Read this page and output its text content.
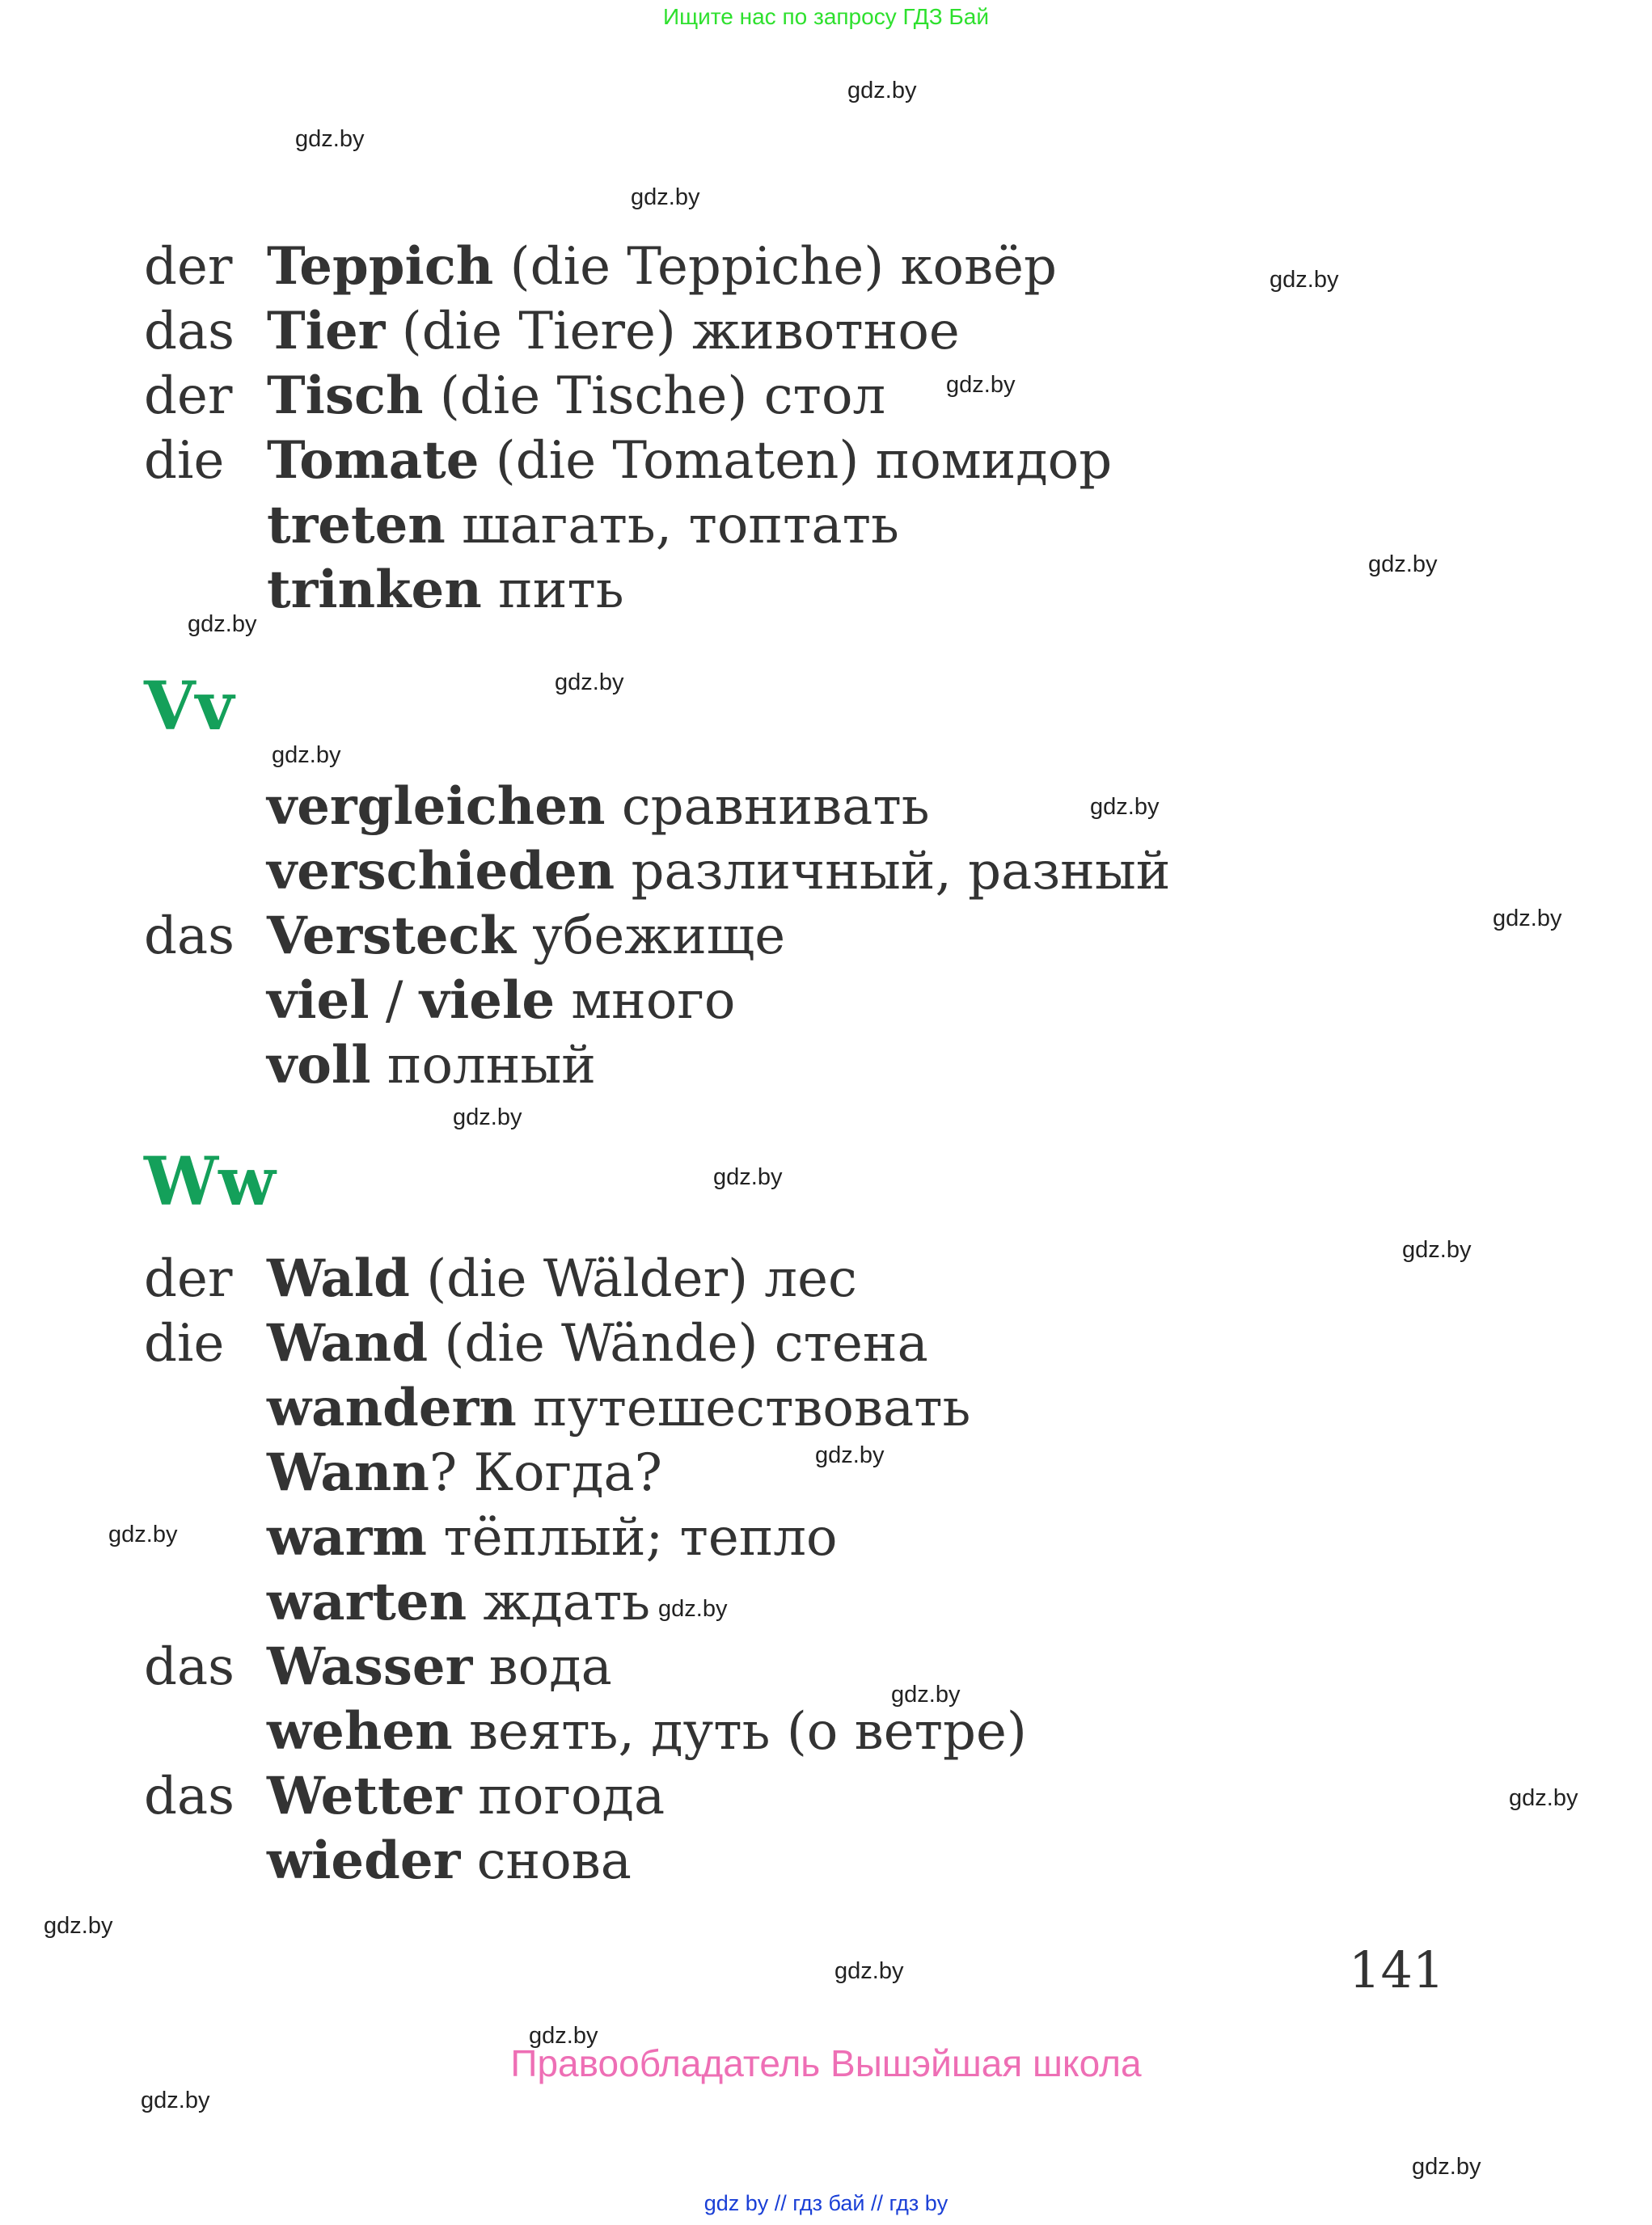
Ищите нас по запросу ГДЗ Бай
gdz.by
gdz.by
gdz.by
gdz.by
gdz.by
gdz.by
gdz.by
gdz.by
gdz.by
gdz.by
gdz.by
gdz.by
gdz.by
gdz.by
gdz.by
gdz.by
gdz.by
gdz.by
gdz.by
gdz.by
gdz.by
gdz.by
gdz.by
gdz.by
der Teppich (die Teppiche) ковёр
das Tier (die Tiere) животное
der Tisch (die Tische) стол
die Tomate (die Tomaten) помидор
treten шагать, топтать
trinken пить
Vv
vergleichen сравнивать
verschieden различный, разный
das Versteck убежище
viel / viele много
voll полный
Ww
der Wald (die Wälder) лес
die Wand (die Wände) стена
wandern путешествовать
Wann? Когда?
warm тёплый; тепло
warten ждать
das Wasser вода
wehen веять, дуть (о ветре)
das Wetter погода
wieder снова
141
Правообладатель Вышэйшая школа
gdz by // гдз бай // гдз by
